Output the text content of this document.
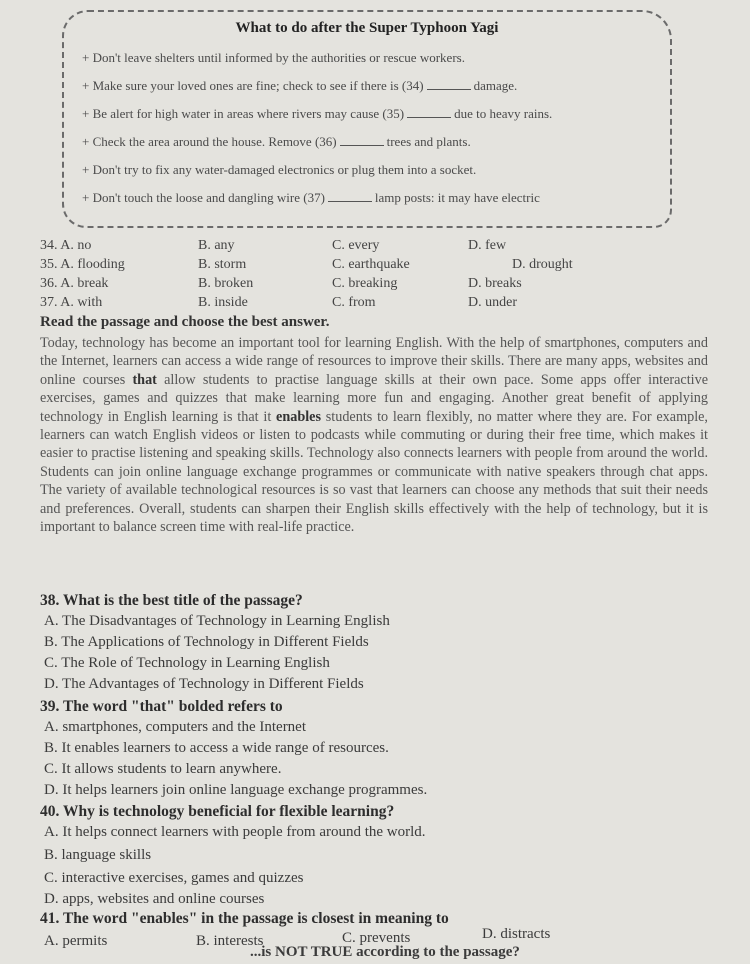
What to do after the Super Typhoon Yagi
+ Don't leave shelters until informed by the authorities or rescue workers.
+ Make sure your loved ones are fine; check to see if there is (34)	damage.
+ Be alert for high water in areas where rivers may cause (35)	due to heavy rains.
+ Check the area around the house. Remove (36)	trees and plants.
+ Don't try to fix any water-damaged electronics or plug them into a socket.
+ Don't touch the loose and dangling wire (37)	lamp posts: it may have electric
34. A. no	B. any	C. every	D. few
35. A. flooding	B. storm	C. earthquake	D. drought
36. A. break	B. broken	C. breaking	D. breaks
37. A. with	B. inside	C. from	D. under
Read the passage and choose the best answer.
Today, technology has become an important tool for learning English. With the help of smartphones, computers and the Internet, learners can access a wide range of resources to improve their skills. There are many apps, websites and online courses that allow students to practise language skills at their own pace. Some apps offer interactive exercises, games and quizzes that make learning more fun and engaging. Another great benefit of applying technology in English learning is that it enables students to learn flexibly, no matter where they are. For example, learners can watch English videos or listen to podcasts while commuting or during their free time, which makes it easier to practise listening and speaking skills. Technology also connects learners with people from around the world. Students can join online language exchange programmes or communicate with native speakers through chat apps. The variety of available technological resources is so vast that learners can choose any methods that suit their needs and preferences. Overall, students can sharpen their English skills effectively with the help of technology, but it is important to balance screen time with real-life practice.
38. What is the best title of the passage?
A. The Disadvantages of Technology in Learning English
B. The Applications of Technology in Different Fields
C. The Role of Technology in Learning English
D. The Advantages of Technology in Different Fields
39. The word "that" bolded refers to
A. smartphones, computers and the Internet
B. It enables learners to access a wide range of resources.
C. It allows students to learn anywhere.
D. It helps learners join online language exchange programmes.
40. Why is technology beneficial for flexible learning?
A. It helps connect learners with people from around the world.
B. language skills
C. interactive exercises, games and quizzes
D. apps, websites and online courses
41. The word "enables" in the passage is closest in meaning to
A. permits	B. interests	C. prevents	D. distracts
...is NOT TRUE according to the passage?
